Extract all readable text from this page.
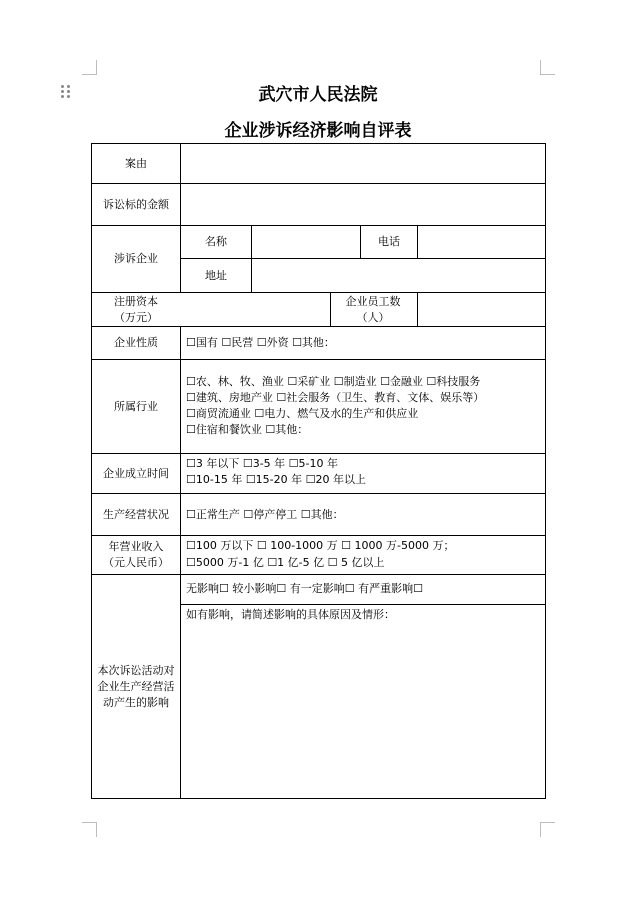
武穴市人民法院
企业涉诉经济影响自评表
案由
诉讼标的金额
涉诉企业
注册资本（万元）
企业性质
所属行业
企业成立时间
生产经营状况
年营业收入（元人民币）
本次诉讼活动对企业生产经营活动产生的影响
名称	电话
地址
企业员工数（人）
☐国有 ☐民营 ☐外资 ☐其他：
☐农、林、牧、渔业 ☐采矿业 ☐制造业 ☐金融业 ☐科技服务
☐建筑、房地产业 ☐社会服务（卫生、教育、文体、娱乐等）
☐商贸流通业 ☐电力、燃气及水的生产和供应业
☐住宿和餐饮业 ☐其他：
☐3 年以下 ☐3-5 年 ☐5-10 年
☐10-15 年 ☐15-20 年 ☐20 年以上
☐正常生产 ☐停产停工 ☐其他：
☐100 万以下 ☐ 100-1000 万 ☐ 1000 万-5000 万；
☐5000 万-1 亿 ☐1 亿-5 亿 ☐ 5 亿以上
无影响☐ 较小影响☐ 有一定影响☐ 有严重影响☐
如有影响，请简述影响的具体原因及情形：
